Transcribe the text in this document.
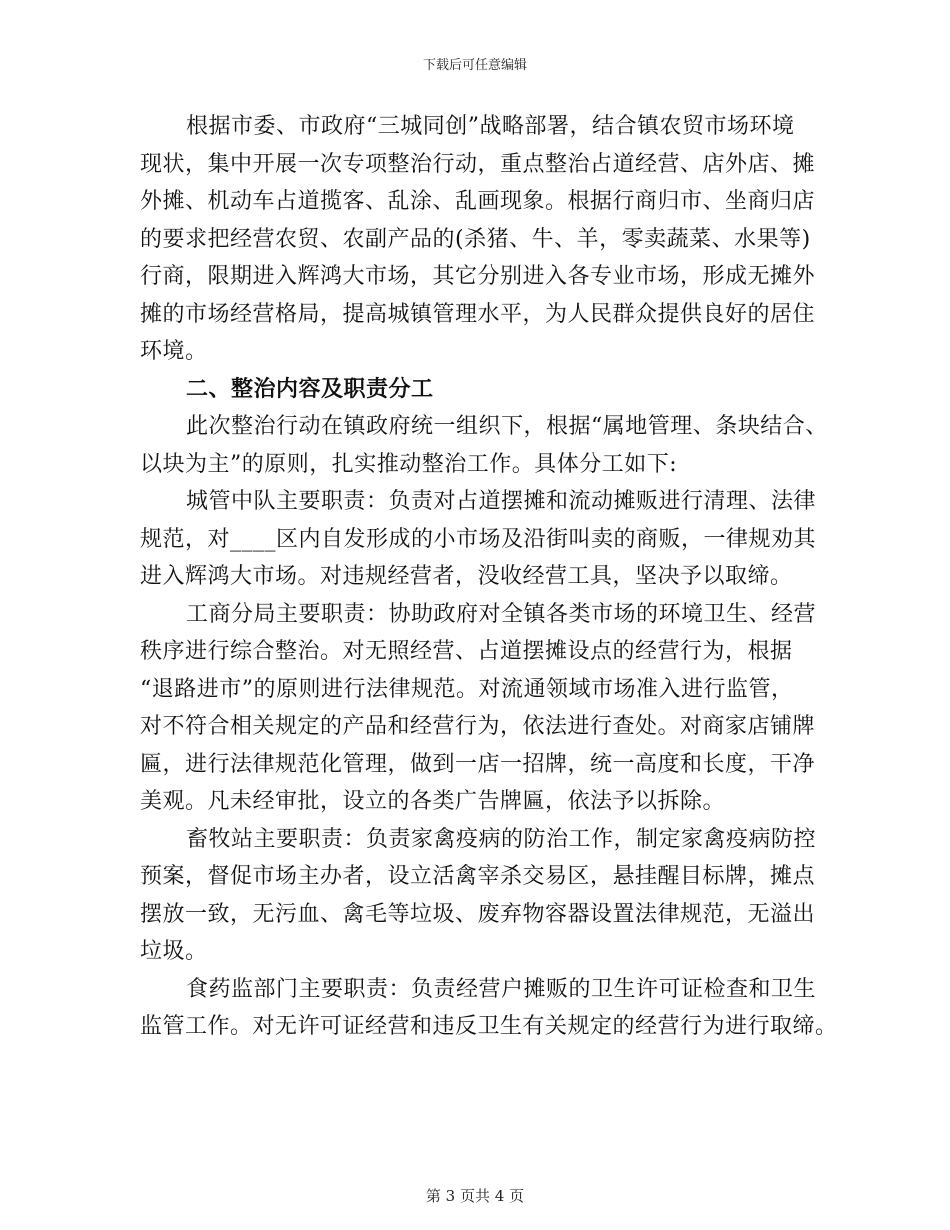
下载后可任意编辑
根据市委、市政府“三城同创”战略部署，结合镇农贸市场环境
现状，集中开展一次专项整治行动，重点整治占道经营、店外店、摊
外摊、机动车占道揽客、乱涂、乱画现象。根据行商归市、坐商归店
的要求把经营农贸、农副产品的(杀猪、牛、羊，零卖蔬菜、水果等)
行商，限期进入辉鸿大市场，其它分别进入各专业市场，形成无摊外
摊的市场经营格局，提高城镇管理水平，为人民群众提供良好的居住
环境。
二、整治内容及职责分工
此次整治行动在镇政府统一组织下，根据“属地管理、条块结合、
以块为主”的原则，扎实推动整治工作。具体分工如下:
城管中队主要职责：负责对占道摆摊和流动摊贩进行清理、法律
规范，对____区内自发形成的小市场及沿街叫卖的商贩，一律规劝其
进入辉鸿大市场。对违规经营者，没收经营工具，坚决予以取缔。
工商分局主要职责：协助政府对全镇各类市场的环境卫生、经营
秩序进行综合整治。对无照经营、占道摆摊设点的经营行为，根据
“退路进市”的原则进行法律规范。对流通领域市场准入进行监管，
对不符合相关规定的产品和经营行为，依法进行查处。对商家店铺牌
匾，进行法律规范化管理，做到一店一招牌，统一高度和长度，干净
美观。凡未经审批，设立的各类广告牌匾，依法予以拆除。
畜牧站主要职责：负责家禽疫病的防治工作，制定家禽疫病防控
预案，督促市场主办者，设立活禽宰杀交易区，悬挂醒目标牌，摊点
摆放一致，无污血、禽毛等垃圾、废弃物容器设置法律规范，无溢出
垃圾。
食药监部门主要职责：负责经营户摊贩的卫生许可证检查和卫生
监管工作。对无许可证经营和违反卫生有关规定的经营行为进行取缔。
第 3 页共 4 页
